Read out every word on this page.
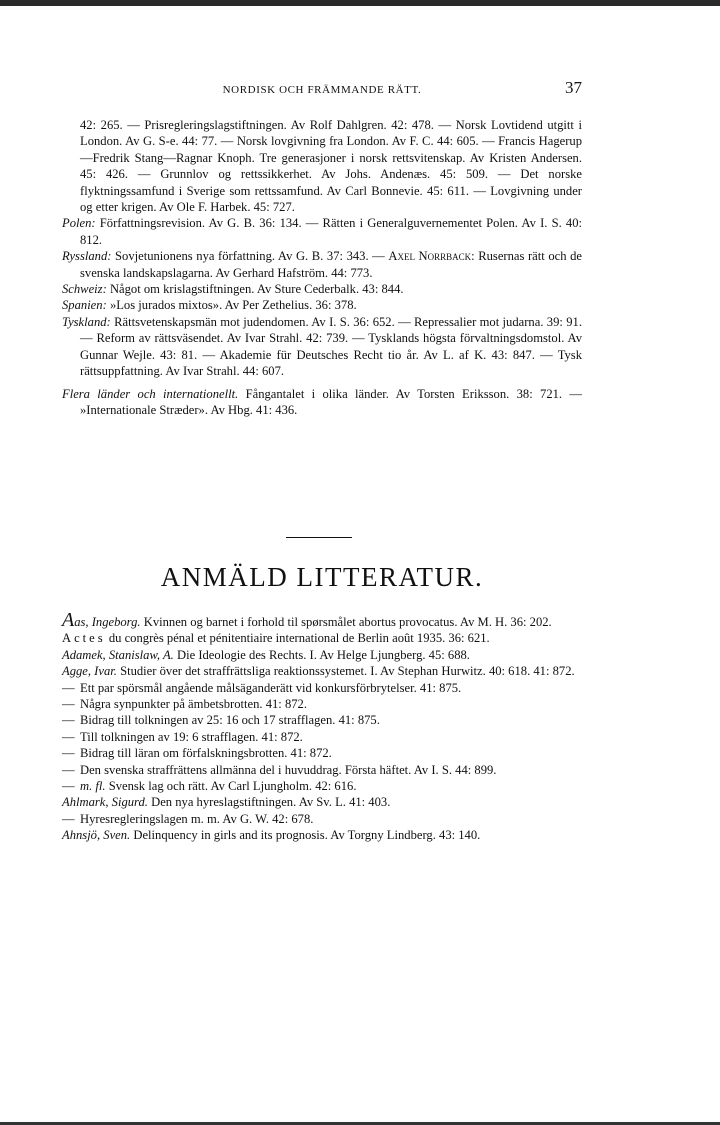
NORDISK OCH FRÄMMANDE RÄTT.	37

42: 265. — Prisregleringslagstiftningen. Av Rolf Dahlgren. 42: 478. — Norsk Lovtidend utgitt i London. Av G. S-e. 44: 77. — Norsk lovgivning fra London. Av F. C. 44: 605. — Francis Hagerup—Fredrik Stang—Ragnar Knoph. Tre generasjoner i norsk rettsvitenskap. Av Kristen Andersen. 45: 426. — Grunnlov og rettssikkerhet. Av Johs. Andenæs. 45: 509. — Det norske flyktningssamfund i Sverige som rettssamfund. Av Carl Bonnevie. 45: 611. — Lovgivning under og etter krigen. Av Ole F. Harbek. 45: 727.

Polen: Författningsrevision. Av G. B. 36: 134. — Rätten i Generalguvernementet Polen. Av I. S. 40: 812.

Ryssland: Sovjetunionens nya författning. Av G. B. 37: 343. — Axel Norrback: Rusernas rätt och de svenska landskapslagarna. Av Gerhard Hafström. 44: 773.

Schweiz: Något om krislagstiftningen. Av Sture Cederbalk. 43: 844.

Spanien: »Los jurados mixtos». Av Per Zethelius. 36: 378.

Tyskland: Rättsvetenskapsmän mot judendomen. Av I. S. 36: 652. — Repressalier mot judarna. 39: 91. — Reform av rättsväsendet. Av Ivar Strahl. 42: 739. — Tysklands högsta förvaltningsdomstol. Av Gunnar Wejle. 43: 81. — Akademie für Deutsches Recht tio år. Av L. af K. 43: 847. — Tysk rättsuppfattning. Av Ivar Strahl. 44: 607.

Flera länder och internationellt. Fångantalet i olika länder. Av Torsten Eriksson. 38: 721. — »Internationale Stræder». Av Hbg. 41: 436.

ANMÄLD LITTERATUR.

Aas, Ingeborg. Kvinnen og barnet i forhold til spørsmålet abortus provocatus. Av M. H. 36: 202.

Actes du congrès pénal et pénitentiaire international de Berlin août 1935. 36: 621.

Adamek, Stanislaw, A. Die Ideologie des Rechts. I. Av Helge Ljungberg. 45: 688.

Agge, Ivar. Studier över det straffrättsliga reaktionssystemet. I. Av Stephan Hurwitz. 40: 618. 41: 872.

— Ett par spörsmål angående målsäganderätt vid konkursförbrytelser. 41: 875.

— Några synpunkter på ämbetsbrotten. 41: 872.

— Bidrag till tolkningen av 25: 16 och 17 strafflagen. 41: 875.

— Till tolkningen av 19: 6 strafflagen. 41: 872.

— Bidrag till läran om förfalskningsbrotten. 41: 872.

— Den svenska straffrättens allmänna del i huvuddrag. Första häftet. Av I. S. 44: 899.

— m. fl. Svensk lag och rätt. Av Carl Ljungholm. 42: 616.

Ahlmark, Sigurd. Den nya hyreslagstiftningen. Av Sv. L. 41: 403.

— Hyresregleringslagen m. m. Av G. W. 42: 678.

Ahnsjö, Sven. Delinquency in girls and its prognosis. Av Torgny Lindberg. 43: 140.
